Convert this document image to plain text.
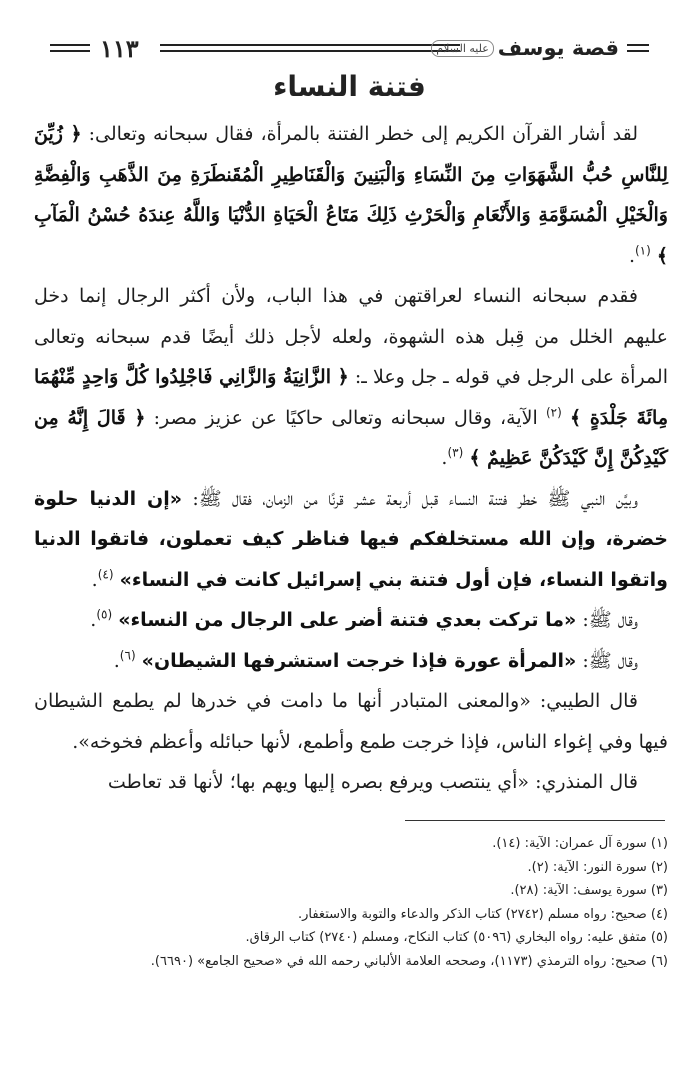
١١٣	قصة يوسف
عليه السلام
فتنة النساء

لقد أشار القرآن الكريم إلى خطر الفتنة بالمرأة، فقال سبحانه وتعالى: ﴿ زُيِّنَ لِلنَّاسِ حُبُّ الشَّهَوَاتِ مِنَ النِّسَاءِ وَالْبَنِينَ وَالْقَنَاطِيرِ الْمُقَنطَرَةِ مِنَ الذَّهَبِ وَالْفِضَّةِ وَالْخَيْلِ الْمُسَوَّمَةِ وَالأَنْعَامِ وَالْحَرْثِ ذَلِكَ مَتَاعُ الْحَيَاةِ الدُّنْيَا وَاللَّهُ عِندَهُ حُسْنُ الْمَآبِ ﴾ $^{(١)}$.

فقدم سبحانه النساء لعراقتهن في هذا الباب، ولأن أكثر الرجال إنما دخل عليهم الخلل من قِبل هذه الشهوة، ولعله لأجل ذلك أيضًا قدم سبحانه وتعالى المرأة على الرجل في قوله ـ جل وعلا ـ: ﴿ الزَّانِيَةُ وَالزَّانِي فَاجْلِدُوا كُلَّ وَاحِدٍ مِّنْهُمَا مِائَةَ جَلْدَةٍ ﴾ $^{(٢)}$ الآية، وقال سبحانه وتعالى حاكيًا عن عزيز مصر: ﴿ قَالَ إِنَّهُ مِن كَيْدِكُنَّ إِنَّ كَيْدَكُنَّ عَظِيمٌ ﴾ $^{(٣)}$.

وبيَّن النبي ﷺ خطر فتنة النساء قبل أربعة عشر قرنًا من الزمان، فقال ﷺ: «إن الدنيا حلوة خضرة، وإن الله مستخلفكم فيها فناظر كيف تعملون، فاتقوا الدنيا واتقوا النساء، فإن أول فتنة بني إسرائيل كانت في النساء» $^{(٤)}$.

وقال ﷺ: «ما تركت بعدي فتنة أضر على الرجال من النساء» $^{(٥)}$.

وقال ﷺ: «المرأة عورة فإذا خرجت استشرفها الشيطان» $^{(٦)}$.

قال الطيبي: «والمعنى المتبادر أنها ما دامت في خدرها لم يطمع الشيطان فيها وفي إغواء الناس، فإذا خرجت طمع وأطمع، لأنها حبائله وأعظم فخوخه».

قال المنذري: «أي ينتصب ويرفع بصره إليها ويهم بها؛ لأنها قد تعاطت

(١) سورة آل عمران: الآية: (١٤).

(٢) سورة النور: الآية: (٢).

(٣) سورة يوسف: الآية: (٢٨).

(٤) صحيح: رواه مسلم (٢٧٤٢) كتاب الذكر والدعاء والتوبة والاستغفار.

(٥) متفق عليه: رواه البخاري (٥٠٩٦) كتاب النكاح، ومسلم (٢٧٤٠) كتاب الرقاق.

(٦) صحيح: رواه الترمذي (١١٧٣)، وصححه العلامة الألباني رحمه الله في «صحيح الجامع» (٦٦٩٠).
